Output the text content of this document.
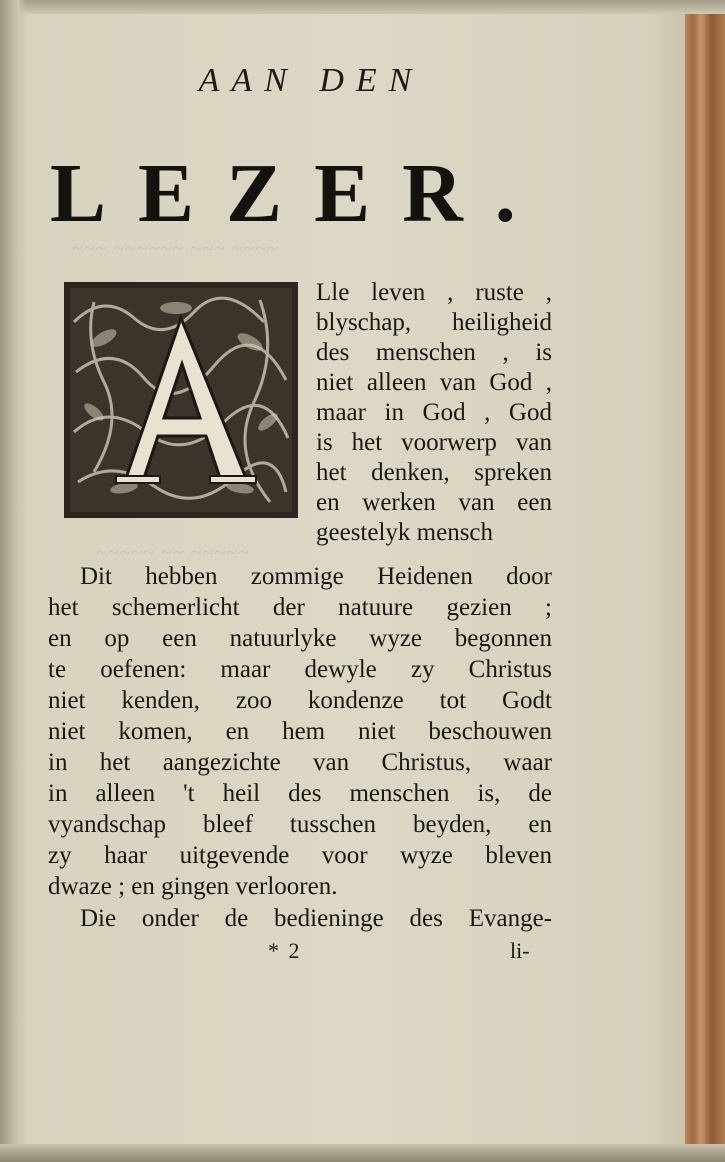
~~~ ~~~~~~ ~~~ ~~~~
~~~~~ ~~ ~~~~~
AAN DEN
LEZER.
Lle leven , ruste ,
blyschap, heiligheid
des menschen , is
niet alleen van God ,
maar in God , God
is het voorwerp van
het denken, spreken
en werken van een
geestelyk mensch
Dit hebben zommige Heidenen door
het schemerlicht der natuure gezien ;
en op een natuurlyke wyze begonnen
te oefenen: maar dewyle zy Christus
niet kenden, zoo kondenze tot Godt
niet komen, en hem niet beschouwen
in het aangezichte van Christus, waar
in alleen 't heil des menschen is, de
vyandschap bleef tusschen beyden, en
zy haar uitgevende voor wyze bleven
dwaze ; en gingen verlooren.
Die onder de bedieninge des Evange-
* 2	li-
